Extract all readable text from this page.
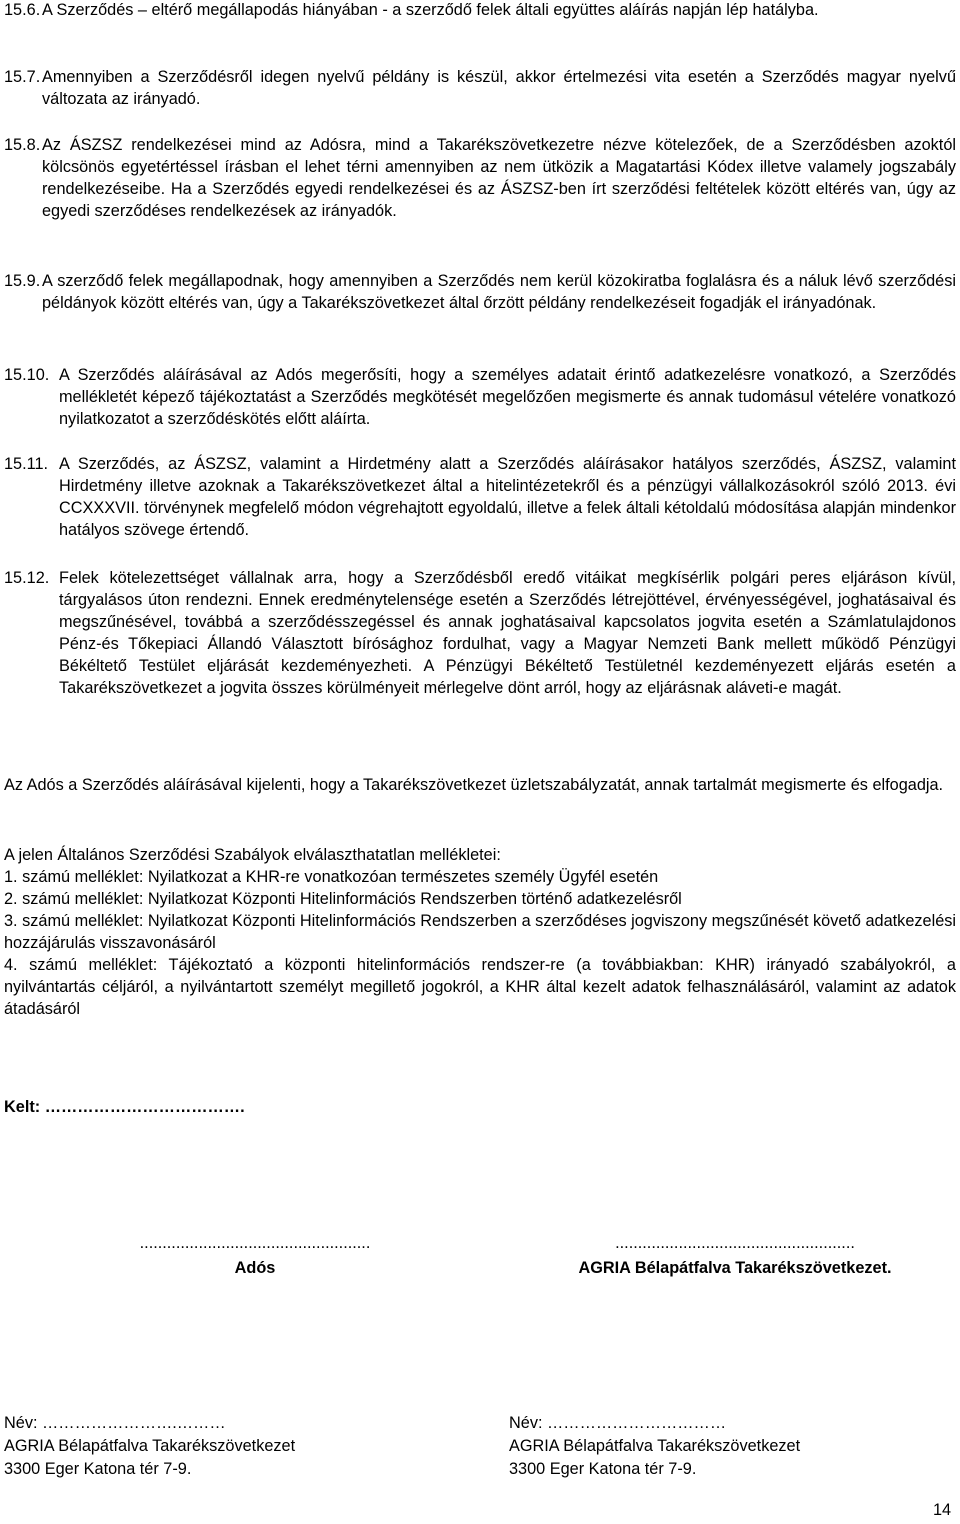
15.6. A Szerződés – eltérő megállapodás hiányában - a szerződő felek általi együttes aláírás napján lép hatályba.
15.7. Amennyiben a Szerződésről idegen nyelvű példány is készül, akkor értelmezési vita esetén a Szerződés magyar nyelvű változata az irányadó.
15.8. Az ÁSZSZ rendelkezései mind az Adósra, mind a Takarékszövetkezetre nézve kötelezőek, de a Szerződésben azoktól kölcsönös egyetértéssel írásban el lehet térni amennyiben az nem ütközik a Magatartási Kódex illetve valamely jogszabály rendelkezéseibe. Ha a Szerződés egyedi rendelkezései és az ÁSZSZ-ben írt szerződési feltételek között eltérés van, úgy az egyedi szerződéses rendelkezések az irányadók.
15.9. A szerződő felek megállapodnak, hogy amennyiben a Szerződés nem kerül közokiratba foglalásra és a náluk lévő szerződési példányok között eltérés van, úgy a Takarékszövetkezet által őrzött példány rendelkezéseit fogadják el irányadónak.
15.10. A Szerződés aláírásával az Adós megerősíti, hogy a személyes adatait érintő adatkezelésre vonatkozó, a Szerződés mellékletét képező tájékoztatást a Szerződés megkötését megelőzően megismerte és annak tudomásul vételére vonatkozó nyilatkozatot a szerződéskötés előtt aláírta.
15.11. A Szerződés, az ÁSZSZ, valamint a Hirdetmény alatt a Szerződés aláírásakor hatályos szerződés, ÁSZSZ, valamint Hirdetmény illetve azoknak a Takarékszövetkezet által a hitelintézetekről és a pénzügyi vállalkozásokról szóló 2013. évi CCXXXVII. törvénynek megfelelő módon végrehajtott egyoldalú, illetve a felek általi kétoldalú módosítása alapján mindenkor hatályos szövege értendő.
15.12. Felek kötelezettséget vállalnak arra, hogy a Szerződésből eredő vitáikat megkísérlik polgári peres eljáráson kívül, tárgyalásos úton rendezni. Ennek eredménytelensége esetén a Szerződés létrejöttével, érvényességével, joghatásaival és megszűnésével, továbbá a szerződésszegéssel és annak joghatásaival kapcsolatos jogvita esetén a Számlatulajdonos Pénz-és Tőkepiaci Állandó Választott bírósághoz fordulhat, vagy a Magyar Nemzeti Bank mellett működő Pénzügyi Békéltető Testület eljárását kezdeményezheti. A Pénzügyi Békéltető Testületnél kezdeményezett eljárás esetén a Takarékszövetkezet a jogvita összes körülményeit mérlegelve dönt arról, hogy az eljárásnak aláveti-e magát.
Az Adós a Szerződés aláírásával kijelenti, hogy a Takarékszövetkezet üzletszabályzatát, annak tartalmát megismerte és elfogadja.
A jelen Általános Szerződési Szabályok elválaszthatatlan mellékletei:
1. számú melléklet: Nyilatkozat a KHR-re vonatkozóan természetes személy Ügyfél esetén
2. számú melléklet: Nyilatkozat Központi Hitelinformációs Rendszerben történő adatkezelésről
3. számú melléklet: Nyilatkozat Központi Hitelinformációs Rendszerben a szerződéses jogviszony megszűnését követő adatkezelési hozzájárulás visszavonásáról
4. számú melléklet: Tájékoztató a központi hitelinformációs rendszer-re (a továbbiakban: KHR) irányadó szabályokról, a nyilvántartás céljáról, a nyilvántartott személyt megillető jogokról, a KHR által kezelt adatok felhasználásáról, valamint az adatok átadásáról
Kelt: ……………………………….
...................................................
Adós
.....................................................
AGRIA Bélapátfalva Takarékszövetkezet.
Név: …………………….………
AGRIA Bélapátfalva Takarékszövetkezet
3300 Eger Katona tér 7-9.
Név: ……………………………
AGRIA Bélapátfalva Takarékszövetkezet
3300 Eger Katona tér 7-9.
14
